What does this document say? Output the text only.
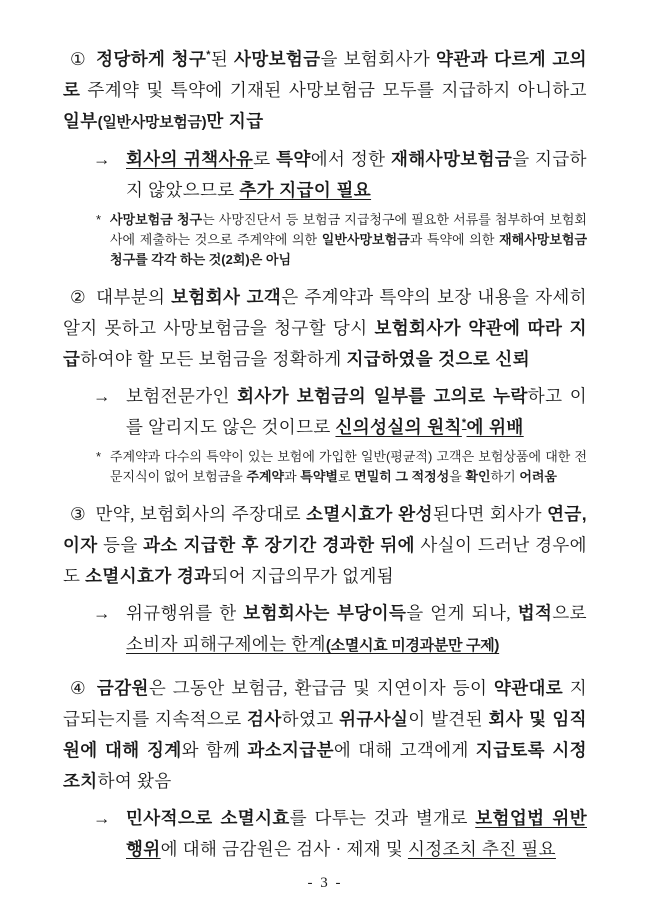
① 정당하게 청구*된 사망보험금을 보험회사가 약관과 다르게 고의로 주계약 및 특약에 기재된 사망보험금 모두를 지급하지 아니하고 일부(일반사망보험금)만 지급
→ 회사의 귀책사유로 특약에서 정한 재해사망보험금을 지급하지 않았으므로 추가 지급이 필요
* 사망보험금 청구는 사망진단서 등 보험금 지급청구에 필요한 서류를 첨부하여 보험회사에 제출하는 것으로 주계약에 의한 일반사망보험금과 특약에 의한 재해사망보험금 청구를 각각 하는 것(2회)은 아님
② 대부분의 보험회사 고객은 주계약과 특약의 보장 내용을 자세히 알지 못하고 사망보험금을 청구할 당시 보험회사가 약관에 따라 지급하여야 할 모든 보험금을 정확하게 지급하였을 것으로 신뢰
→ 보험전문가인 회사가 보험금의 일부를 고의로 누락하고 이를 알리지도 않은 것이므로 신의성실의 원칙*에 위배
* 주계약과 다수의 특약이 있는 보험에 가입한 일반(평균적) 고객은 보험상품에 대한 전문지식이 없어 보험금을 주계약과 특약별로 면밀히 그 적정성을 확인하기 어려움
③ 만약, 보험회사의 주장대로 소멸시효가 완성된다면 회사가 연금, 이자 등을 과소 지급한 후 장기간 경과한 뒤에 사실이 드러난 경우에도 소멸시효가 경과되어 지급의무가 없게됨
→ 위규행위를 한 보험회사는 부당이득을 얻게 되나, 법적으로 소비자 피해구제에는 한계(소멸시효 미경과분만 구제)
④ 금감원은 그동안 보험금, 환급금 및 지연이자 등이 약관대로 지급되는지를 지속적으로 검사하였고 위규사실이 발견된 회사 및 임직원에 대해 징계와 함께 과소지급분에 대해 고객에게 지급토록 시정 조치하여 왔음
→ 민사적으로 소멸시효를 다투는 것과 별개로 보험업법 위반행위에 대해 금감원은 검사 · 제재 및 시정조치 추진 필요
- 3 -
